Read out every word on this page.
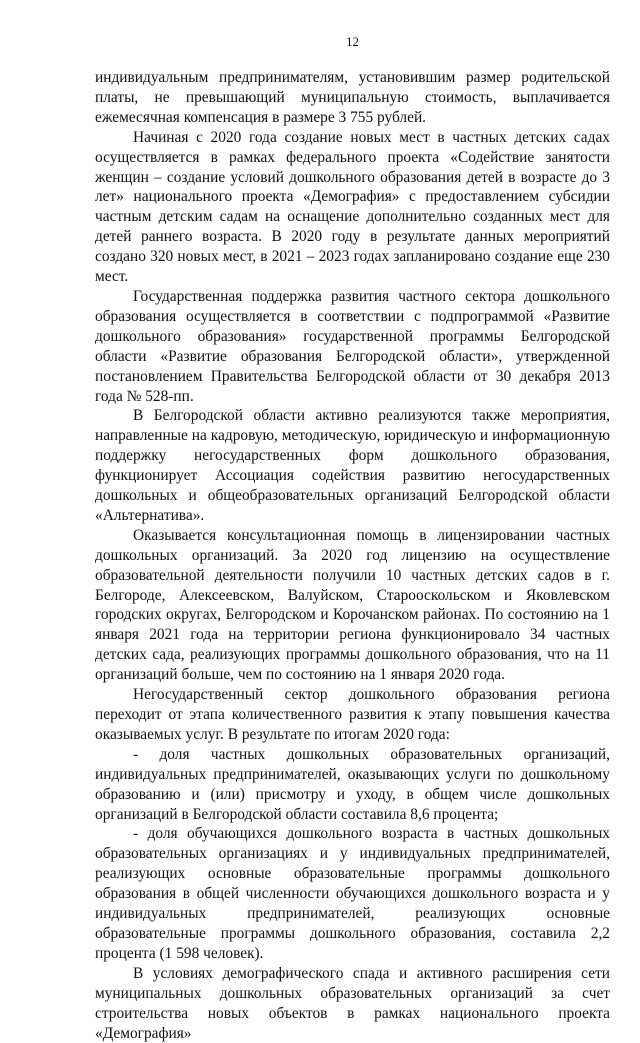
12

индивидуальным предпринимателям, установившим размер родительской платы, не превышающий муниципальную стоимость, выплачивается ежемесячная компенсация в размере 3 755 рублей.

Начиная с 2020 года создание новых мест в частных детских садах осуществляется в рамках федерального проекта «Содействие занятости женщин – создание условий дошкольного образования детей в возрасте до 3 лет» национального проекта «Демография» с предоставлением субсидии частным детским садам на оснащение дополнительно созданных мест для детей раннего возраста. В 2020 году в результате данных мероприятий создано 320 новых мест, в 2021 – 2023 годах запланировано создание еще 230 мест.

Государственная поддержка развития частного сектора дошкольного образования осуществляется в соответствии с подпрограммой «Развитие дошкольного образования» государственной программы Белгородской области «Развитие образования Белгородской области», утвержденной постановлением Правительства Белгородской области от 30 декабря 2013 года № 528-пп.

В Белгородской области активно реализуются также мероприятия, направленные на кадровую, методическую, юридическую и информационную поддержку негосударственных форм дошкольного образования, функционирует Ассоциация содействия развитию негосударственных дошкольных и общеобразовательных организаций Белгородской области «Альтернатива».

Оказывается консультационная помощь в лицензировании частных дошкольных организаций. За 2020 год лицензию на осуществление образовательной деятельности получили 10 частных детских садов в г. Белгороде, Алексеевском, Валуйском, Старооскольском и Яковлевском городских округах, Белгородском и Корочанском районах. По состоянию на 1 января 2021 года на территории региона функционировало 34 частных детских сада, реализующих программы дошкольного образования, что на 11 организаций больше, чем по состоянию на 1 января 2020 года.

Негосударственный сектор дошкольного образования региона переходит от этапа количественного развития к этапу повышения качества оказываемых услуг. В результате по итогам 2020 года:

- доля частных дошкольных образовательных организаций, индивидуальных предпринимателей, оказывающих услуги по дошкольному образованию и (или) присмотру и уходу, в общем числе дошкольных организаций в Белгородской области составила 8,6 процента;

- доля обучающихся дошкольного возраста в частных дошкольных образовательных организациях и у индивидуальных предпринимателей, реализующих основные образовательные программы дошкольного образования в общей численности обучающихся дошкольного возраста и у индивидуальных предпринимателей, реализующих основные образовательные программы дошкольного образования, составила 2,2 процента (1 598 человек).

В условиях демографического спада и активного расширения сети муниципальных дошкольных образовательных организаций за счет строительства новых объектов в рамках национального проекта «Демография»
